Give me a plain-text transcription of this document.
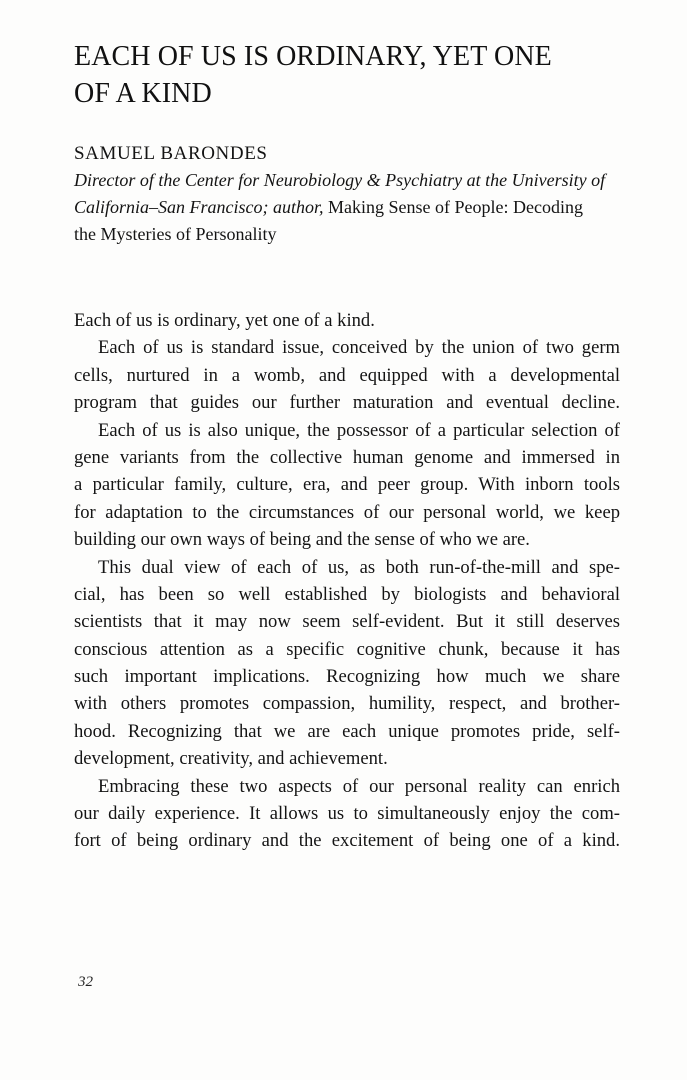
EACH OF US IS ORDINARY, YET ONE
OF A KIND

SAMUEL BARONDES

Director of the Center for Neurobiology & Psychiatry at the University of
California–San Francisco; author, Making Sense of People: Decoding
the Mysteries of Personality

Each of us is ordinary, yet one of a kind.
Each of us is standard issue, conceived by the union of two germ
cells, nurtured in a womb, and equipped with a developmental
program that guides our further maturation and eventual decline.
Each of us is also unique, the possessor of a particular selection of
gene variants from the collective human genome and immersed in
a particular family, culture, era, and peer group. With inborn tools
for adaptation to the circumstances of our personal world, we keep
building our own ways of being and the sense of who we are.
This dual view of each of us, as both run-of-the-mill and spe-
cial, has been so well established by biologists and behavioral
scientists that it may now seem self-evident. But it still deserves
conscious attention as a specific cognitive chunk, because it has
such important implications. Recognizing how much we share
with others promotes compassion, humility, respect, and brother-
hood. Recognizing that we are each unique promotes pride, self-
development, creativity, and achievement.
Embracing these two aspects of our personal reality can enrich
our daily experience. It allows us to simultaneously enjoy the com-
fort of being ordinary and the excitement of being one of a kind.
32
